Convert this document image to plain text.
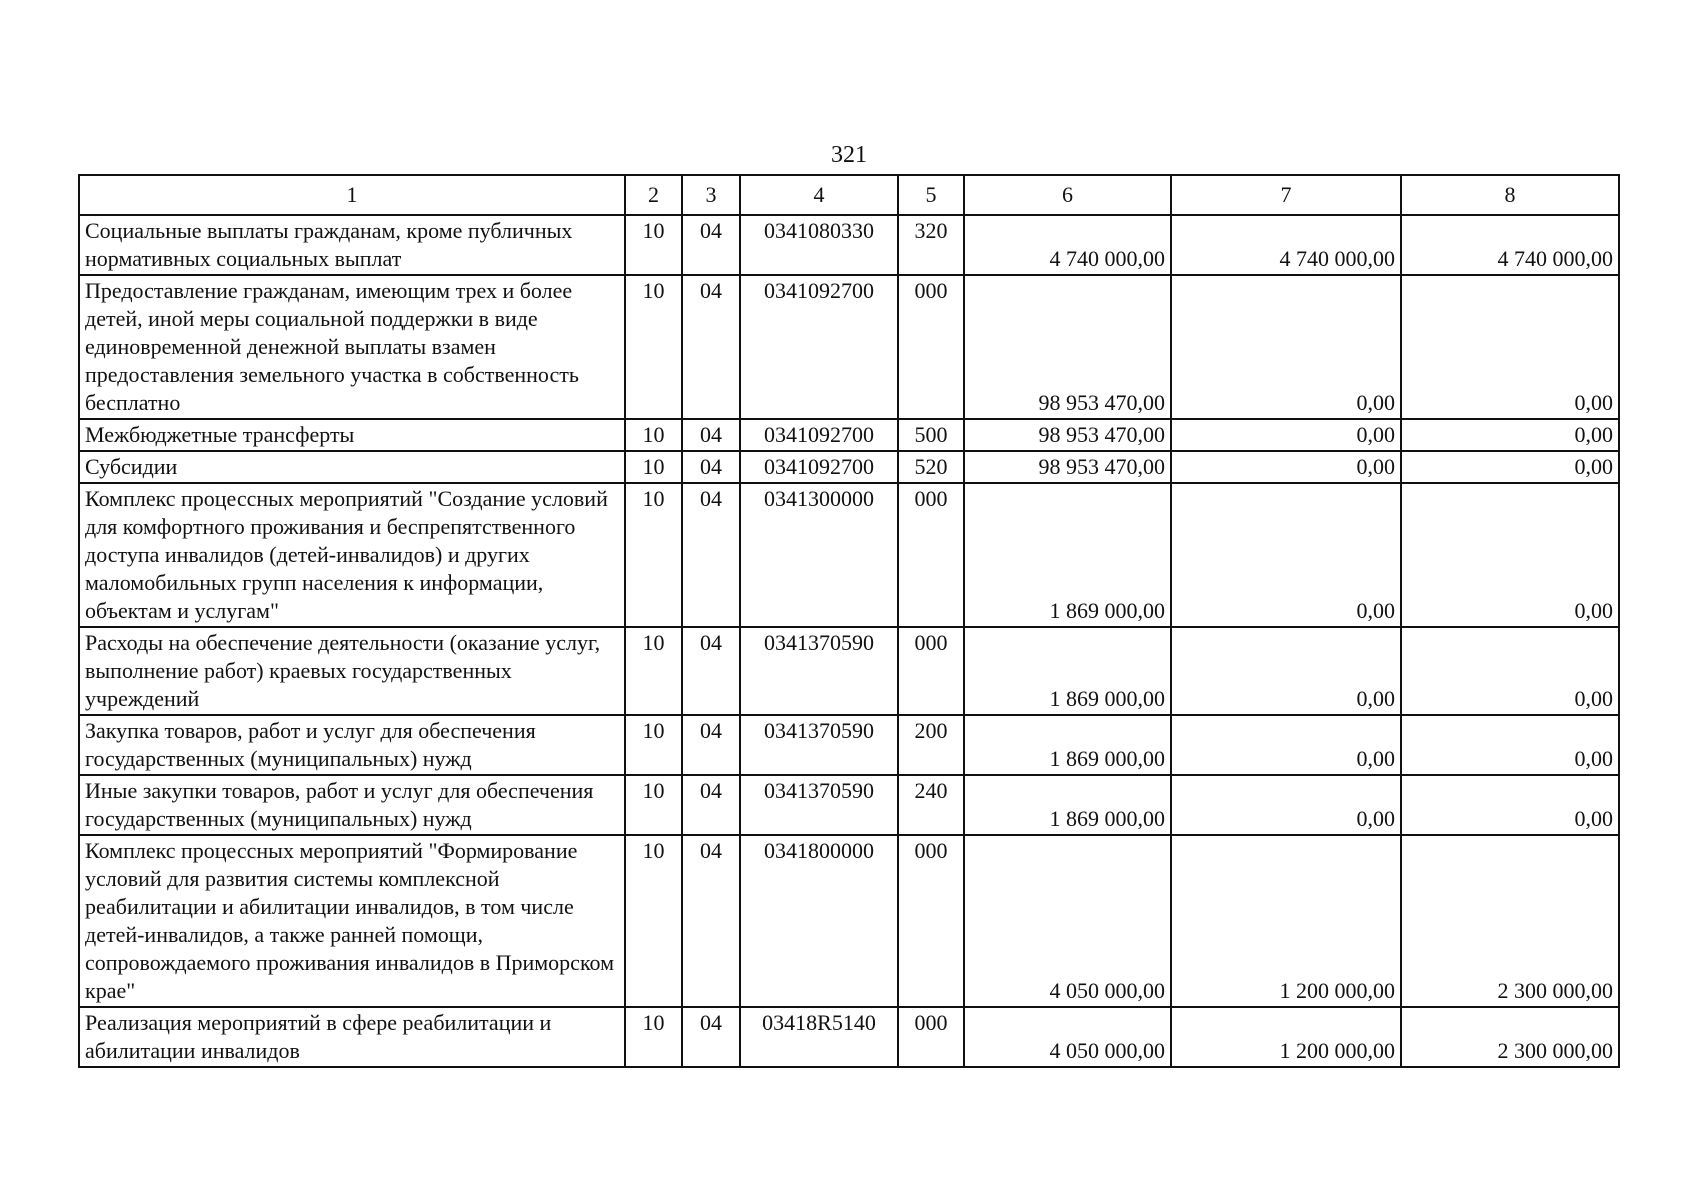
321
1	2	3	4	5	6	7	8
Социальные выплаты гражданам, кроме публичных нормативных социальных выплат	10	04	0341080330	320	4 740 000,00	4 740 000,00	4 740 000,00
Предоставление гражданам, имеющим трех и более детей, иной меры социальной поддержки в виде единовременной денежной выплаты взамен предоставления земельного участка в собственность бесплатно	10	04	0341092700	000	98 953 470,00	0,00	0,00
Межбюджетные трансферты	10	04	0341092700	500	98 953 470,00	0,00	0,00
Субсидии	10	04	0341092700	520	98 953 470,00	0,00	0,00
Комплекс процессных мероприятий "Создание условий для комфортного проживания и беспрепятственного доступа инвалидов (детей-инвалидов) и других маломобильных групп населения к информации, объектам и услугам"	10	04	0341300000	000	1 869 000,00	0,00	0,00
Расходы на обеспечение деятельности (оказание услуг, выполнение работ) краевых государственных учреждений	10	04	0341370590	000	1 869 000,00	0,00	0,00
Закупка товаров, работ и услуг для обеспечения государственных (муниципальных) нужд	10	04	0341370590	200	1 869 000,00	0,00	0,00
Иные закупки товаров, работ и услуг для обеспечения государственных (муниципальных) нужд	10	04	0341370590	240	1 869 000,00	0,00	0,00
Комплекс процессных мероприятий "Формирование условий для развития системы комплексной реабилитации и абилитации инвалидов, в том числе детей-инвалидов, а также ранней помощи, сопровождаемого проживания инвалидов в Приморском крае"	10	04	0341800000	000	4 050 000,00	1 200 000,00	2 300 000,00
Реализация мероприятий в сфере реабилитации и абилитации инвалидов	10	04	03418R5140	000	4 050 000,00	1 200 000,00	2 300 000,00
